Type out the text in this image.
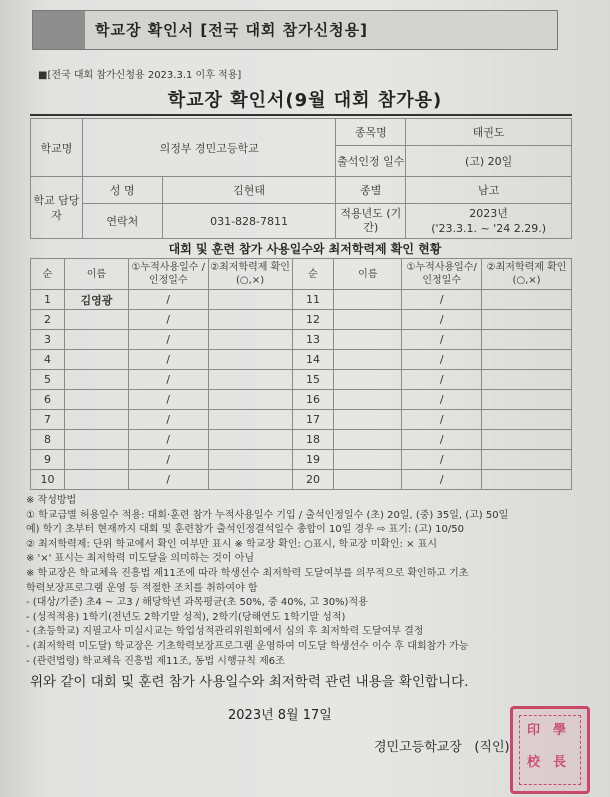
학교장 확인서 [전국 대회 참가신청용]
■[전국 대회 참가신청용 2023.3.1 이후 적용]
학교장 확인서(9월 대회 참가용)
학교명	의정부 경민고등학교		종목명	태권도
			출석인정 일수	(고) 20일
학교 담당자	성 명	김현태	종별	남고
	연락처	031-828-7811	적용년도 (기간)	2023년
('23.3.1. ~ '24 2.29.)
대회 및 훈련 참가 사용일수와 최저학력제 확인 현황
순	이름	①누적사용일수 /인정일수	②최저학력제 확인(○,×)	순	이름	①누적사용일수/ 인정일수	②최저학력제 확인(○,×)
1	김영광	/		11		/	
2		/		12		/	
3		/		13		/	
4		/		14		/	
5		/		15		/	
6		/		16		/	
7		/		17		/	
8		/		18		/	
9		/		19		/	
10		/		20		/	
※ 작성방법
① 학교급별 허용일수 적용: 대회·훈련 참가 누적사용일수 기입 / 출석인정일수 (초) 20일, (중) 35일, (고) 50일
예) 학기 초부터 현재까지 대회 및 훈련참가 출석인정결석일수 총합이 10일 경우 ⇨ 표기: (고) 10/50
② 최저학력제: 단위 학교에서 확인 여부만 표시 ※ 학교장 확인: ○표시, 학교장 미확인: × 표시
※ '×' 표시는 최저학력 미도달을 의미하는 것이 아님
※ 학교장은 학교체육 진흥법 제11조에 따라 학생선수 최저학력 도달여부를 의무적으로 확인하고 기초
학력보장프로그램 운영 등 적절한 조치를 취하여야 함
- (대상/기준) 초4 ~ 고3 / 해당학년 과목평균(초 50%, 중 40%, 고 30%)적용
- (성적적용) 1학기(전년도 2학기말 성적), 2학기(당해연도 1학기말 성적)
- (초등학교) 지필고사 미실시교는 학업성적관리위원회에서 심의 후 최저학력 도달여부 결정
- (최저학력 미도달) 학교장은 기초학력보장프로그램 운영하여 미도달 학생선수 이수 후 대회참가 가능
- (관련법령) 학교체육 진흥법 제11조, 동법 시행규칙 제6조
위와 같이 대회 및 훈련 참가 사용일수와 최저학력 관련 내용을 확인합니다.
2023년 8월 17일
경민고등학교장 (직인)
印 學
校 長
